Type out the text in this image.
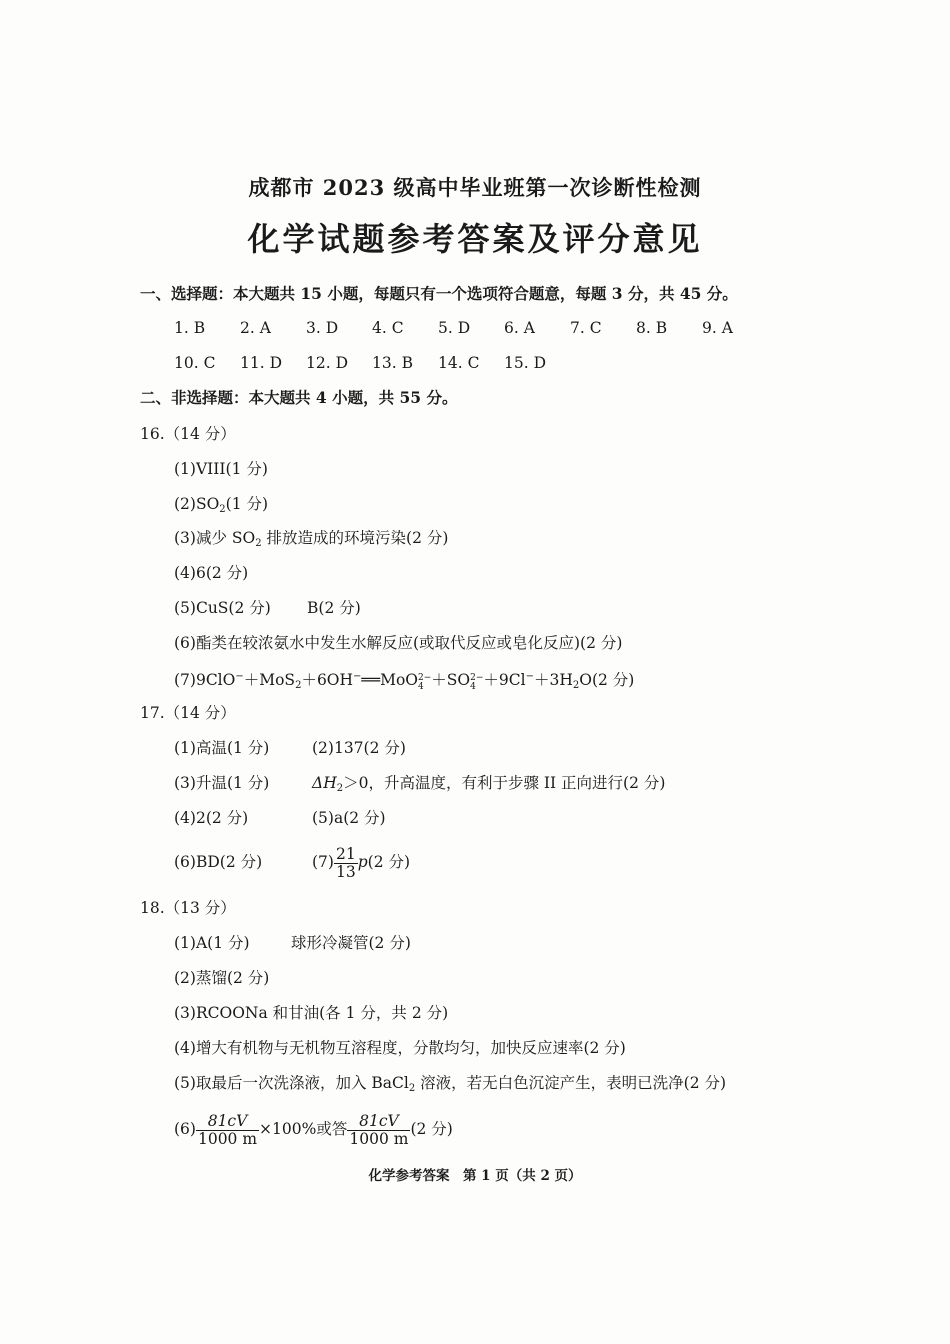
成都市 2023 级高中毕业班第一次诊断性检测
化学试题参考答案及评分意见
一、选择题：本大题共 15 小题，每题只有一个选项符合题意，每题 3 分，共 45 分。
1. B 2. A 3. D 4. C 5. D 6. A 7. C 8. B 9. A
10. C 11. D 12. D 13. B 14. C 15. D
二、非选择题：本大题共 4 小题，共 55 分。
16.（14 分）
(1)VIII(1 分)
$(2)SO_2(1$ 分)
(3)减少 $SO_2$ 排放造成的环境污染(2 分)
(4)6(2 分)
(5)CuS(2 分) B(2 分)
(6)酯类在较浓氨水中发生水解反应(或取代反应或皂化反应)(2 分)
(7)9ClO−＋MoS$_2$＋6OH−══MoO 2−
4 ＋SO 2−
$4 +9Cl^-+3H_2O(2$ 分)
17.（14 分）
(1)高温(1 分)	(2)137(2 分)
(3)升温(1 分)	$\Delta H_2>0$，升高温度，有利于步骤 II 正向进行(2 分)
(4)2(2 分)	(5)a(2 分)
(6)BD(2 分)	$(7) \frac{21}{13} p(2$ 分)
18.（13 分）
(1)A(1 分)	球形冷凝管(2 分)
(2)蒸馏(2 分)
(3)RCOONa 和甘油(各 1 分，共 2 分)
(4)增大有机物与无机物互溶程度，分散均匀，加快反应速率(2 分)
(5)取最后一次洗涤液，加入 BaCl$_2$ 溶液，若无白色沉淀产生，表明已洗净(2 分)
$(6) \frac{81cV}{1000 m} \times 100\%$或答 $\frac{81cV}{1000 m} (2$ 分)
化学参考答案　第 1 页（共 2 页）
